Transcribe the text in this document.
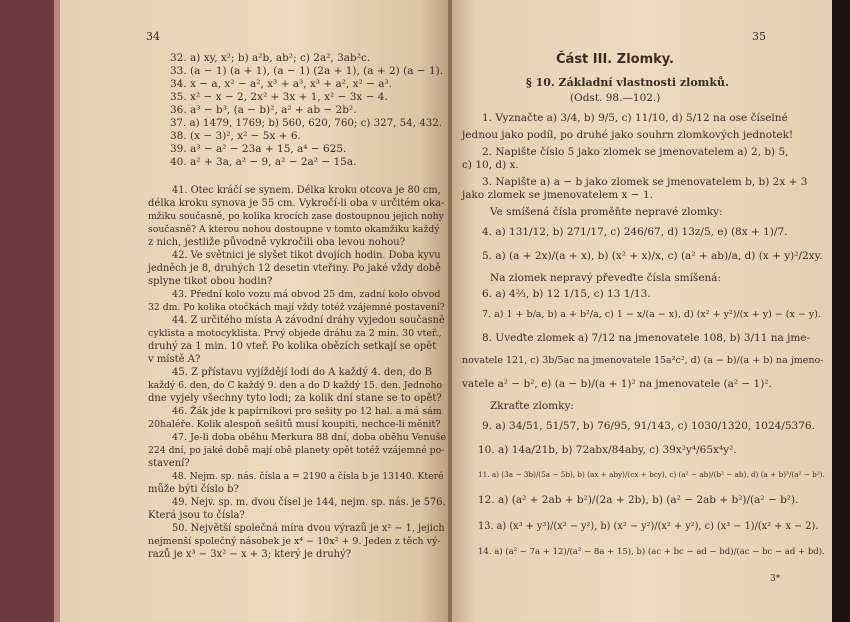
34
32. a) xy, x²; b) a²b, ab²; c) 2a², 3ab²c.
33. (a − 1) (a + 1), (a − 1) (2a + 1), (a + 2) (a − 1).
34. x − a, x² − a², x³ + a³, x³ + a², x² − a³.
35. x² − x − 2, 2x² + 3x + 1, x² − 3x − 4.
36. a³ − b³, (a − b)², a² + ab − 2b².
37. a) 1479, 1769; b) 560, 620, 760; c) 327, 54, 432.
38. (x − 3)², x² − 5x + 6.
39. a³ − a² − 23a + 15, a⁴ − 625.
40. a² + 3a, a² − 9, a² − 2a² − 15a.
41. Otec kráčí se synem. Délka kroku otcova je 80 cm,
délka kroku synova je 55 cm. Vykročí-li oba v určitém oka-
mžiku současně, po kolika krocích zase dostoupnou jejich nohy
současně? A kterou nohou dostoupne v tomto okamžiku každý
z nich, jestliže původně vykročili oba levou nohou?
42. Ve světnici je slyšet tikot dvojích hodin. Doba kyvu
jedněch je 8, druhých 12 desetin vteřiny. Po jaké vždy době
splyne tikot obou hodin?
43. Přední kolo vozu má obvod 25 dm, zadní kolo obvod
32 dm. Po kolika otočkách mají vždy totéž vzájemné postavení?
44. Z určitého místa A závodní dráhy vyjedou současně
cyklista a motocyklista. Prvý objede dráhu za 2 min. 30 vteř.,
druhý za 1 min. 10 vteř. Po kolika obězích setkají se opět
v místě A?
45. Z přístavu vyjíždějí lodi do A každý 4. den, do B
každý 6. den, do C každý 9. den a do D každý 15. den. Jednoho
dne vyjely všechny tyto lodi; za kolik dní stane se to opět?
46. Žák jde k papírníkovi pro sešity po 12 hal. a má sám
20haléře. Kolik alespoň sešitů musí koupiti, nechce-li měnit?
47. Je-li doba oběhu Merkura 88 dní, doba oběhu Venuše
224 dní, po jaké době mají obě planety opět totéž vzájemné po-
stavení?
48. Nejm. sp. nás. čísla a = 2190 a čísla b je 13140. Které
může býti číslo b?
49. Nejv. sp. m. dvou čísel je 144, nejm. sp. nás. je 576.
Která jsou to čísla?
50. Největší společná míra dvou výrazů je x² − 1, jejich
nejmenší společný násobek je x⁴ − 10x² + 9. Jeden z těch vý-
razů je x³ − 3x² − x + 3; který je druhý?
35
Část III. Zlomky.
§ 10. Základní vlastnosti zlomků.
(Odst. 98.—102.)
1. Vyznačte a) 3/4, b) 9/5, c) 11/10, d) 5/12 na ose číselné
jednou jako podíl, po druhé jako souhrn zlomkových jednotek!
2. Napište číslo 5 jako zlomek se jmenovatelem a) 2, b) 5,
c) 10, d) x.
3. Napište a) a − b jako zlomek se jmenovatelem b, b) 2x + 3
jako zlomek se jmenovatelem x − 1.
Ve smíšená čísla proměňte nepravé zlomky:
4. a) 131/12, b) 271/17, c) 246/67, d) 13z/5, e) (8x + 1)/7.
5. a) (a + 2x)/(a + x), b) (x² + x)/x, c) (a² + ab)/a, d) (x + y)²/2xy.
Na zlomek nepravý převeďte čísla smíšená:
6. a) 4⅔, b) 12 1/15, c) 13 1/13.
7. a) 1 + b/a, b) a + b²/a, c) 1 − x/(a − x), d) (x² + y²)/(x + y) − (x − y).
8. Uveďte zlomek a) 7/12 na jmenovatele 108, b) 3/11 na jme-
novatele 121, c) 3b/5ac na jmenovatele 15a²c², d) (a − b)/(a + b) na jmeno-
vatele a² − b², e) (a − b)/(a + 1)² na jmenovatele (a² − 1)².
Zkraťte zlomky:
9. a) 34/51, 51/57, b) 76/95, 91/143, c) 1030/1320, 1024/5376.
10. a) 14a/21b, b) 72abx/84aby, c) 39x²y⁴/65x⁴y².
11. a) (3a − 3b)/(5a − 5b), b) (ax + aby)/(cx + bcy), c) (a² − ab)/(b² − ab), d) (a + b)³/(a² − b²).
12. a) (a² + 2ab + b²)/(2a + 2b), b) (a² − 2ab + b²)/(a² − b²).
13. a) (x³ + y³)/(x² − y²), b) (x² − y²)/(x² + y²), c) (x³ − 1)/(x² + x − 2).
14. a) (a² − 7a + 12)/(a² − 8a + 15), b) (ac + bc − ad − bd)/(ac − bc − ad + bd).
3*
